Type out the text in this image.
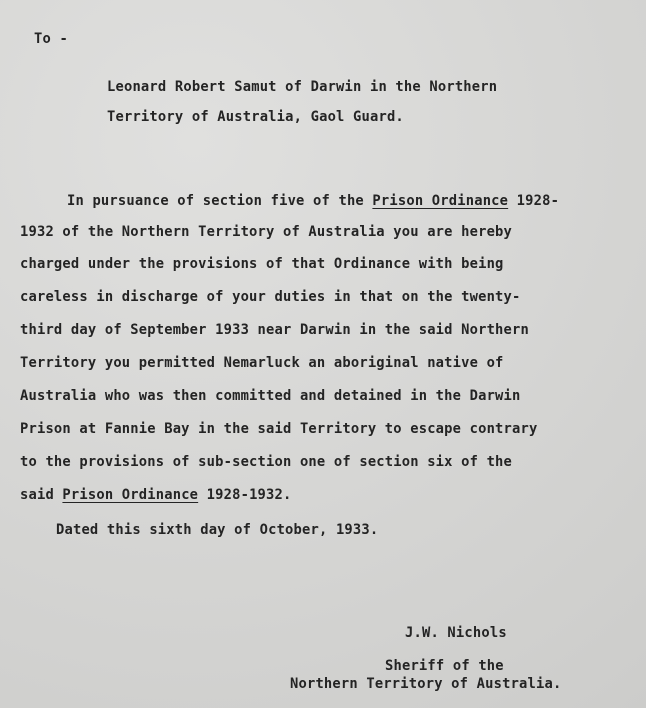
To -
Leonard Robert Samut of Darwin in the Northern
Territory of Australia, Gaol Guard.
In pursuance of section five of the Prison Ordinance 1928-
1932 of the Northern Territory of Australia you are hereby
charged under the provisions of that Ordinance with being
careless in discharge of your duties in that on the twenty-
third day of September 1933 near Darwin in the said Northern
Territory you permitted Nemarluck an aboriginal native of
Australia who was then committed and detained in the Darwin
Prison at Fannie Bay in the said Territory to escape contrary
to the provisions of sub-section one of section six of the
said Prison Ordinance 1928-1932.
Dated this sixth day of October, 1933.
J.W. Nichols
Sheriff of the
Northern Territory of Australia.
